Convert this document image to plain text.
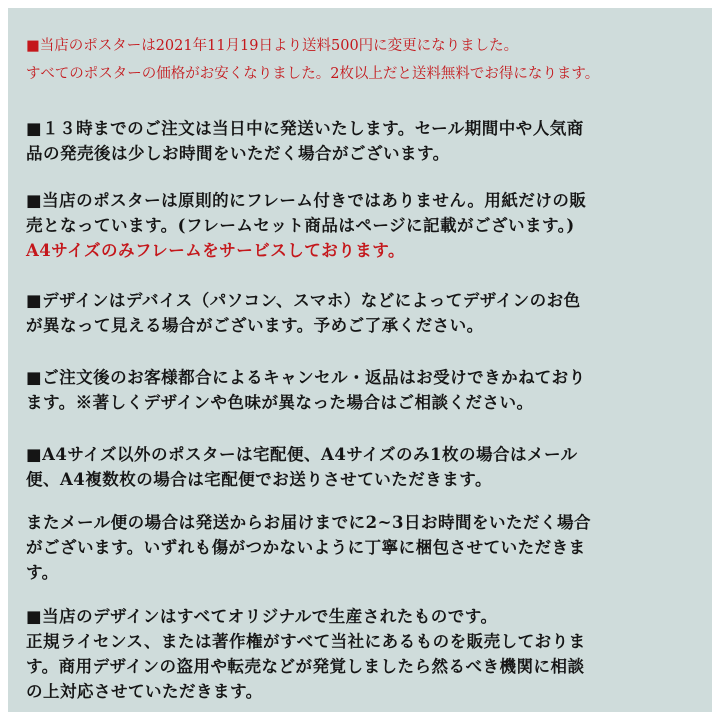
■当店のポスターは2021年11月19日より送料500円に変更になりました。

すべてのポスターの価格がお安くなりました。2枚以上だと送料無料でお得になります。

■１３時までのご注文は当日中に発送いたします。セール期間中や人気商
品の発売後は少しお時間をいただく場合がございます。
■当店のポスターは原則的にフレーム付きではありません。用紙だけの販
売となっています。(フレームセット商品はページに記載がございます。)
A4サイズのみフレームをサービスしております。
■デザインはデバイス（パソコン、スマホ）などによってデザインのお色
が異なって見える場合がございます。予めご了承ください。
■ご注文後のお客様都合によるキャンセル・返品はお受けできかねており
ます。※著しくデザインや色味が異なった場合はご相談ください。
■A4サイズ以外のポスターは宅配便、A4サイズのみ1枚の場合はメール
便、A4複数枚の場合は宅配便でお送りさせていただきます。
またメール便の場合は発送からお届けまでに2~3日お時間をいただく場合
がございます。いずれも傷がつかないように丁寧に梱包させていただきま
す。
■当店のデザインはすべてオリジナルで生産されたものです。
正規ライセンス、または著作権がすべて当社にあるものを販売しておりま
す。商用デザインの盗用や転売などが発覚しましたら然るべき機関に相談
の上対応させていただきます。
